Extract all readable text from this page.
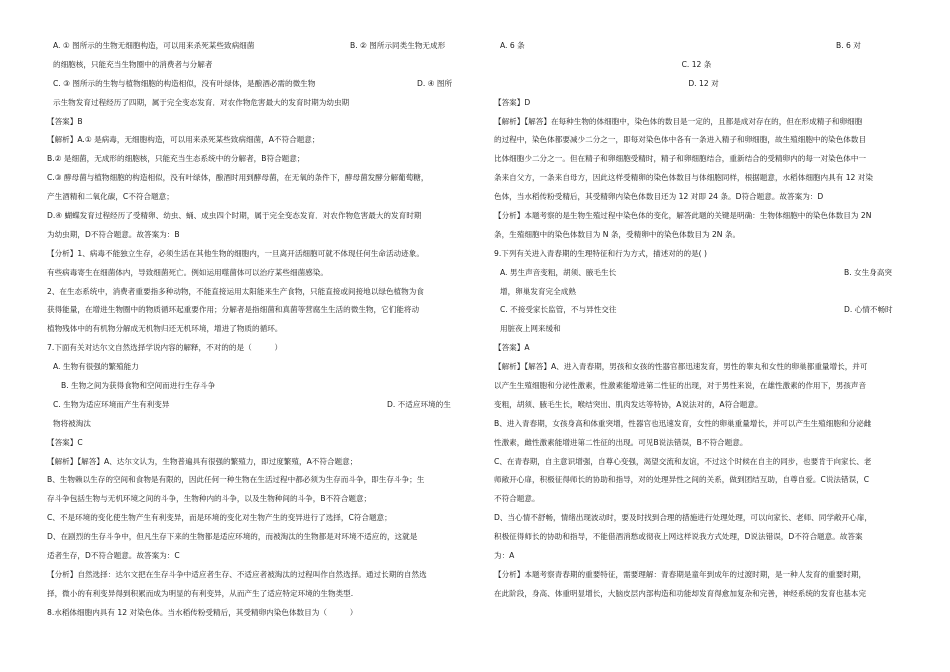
A. ① 图所示的生物无细胞构造，可以用来杀死某些致病细菌	B. ② 图所示同类生物无成形
的细胞核，只能充当生物圈中的消费者与分解者
C. ③ 图所示的生物与植物细胞的构造相似，没有叶绿体，是酿酒必需的微生物	D. ④ 图所
示生物发育过程经历了四期，属于完全变态发育．对农作物危害最大的发育时期为幼虫期
【答案】B
【解析】A.① 是病毒，无细胞构造，可以用来杀死某些致病细菌，A不符合题意；
B.② 是细菌，无成形的细胞核，只能充当生态系统中的分解者，B符合题意；
C.③ 酵母菌与植物细胞的构造相似，没有叶绿体，酿酒时用到酵母菌，在无氧的条件下，酵母菌发酵分解葡萄糖，
产生酒精和二氧化碳，C不符合题意；
D.④ 蝴蝶发育过程经历了受精卵、幼虫、蛹、成虫四个时期，属于完全变态发育．对农作物危害最大的发育时期
为幼虫期，D不符合题意。故答案为：B
【分析】1、病毒不能独立生存，必须生活在其他生物的细胞内，一旦离开活细胞可就不体现任何生命活动迹象。
有些病毒寄生在细菌体内，导致细菌死亡。例如运用噬菌体可以治疗某些细菌感染。
2、在生态系统中，消费者重要指多种动物，不能直接运用太阳能来生产食物，只能直接或间接地以绿色植物为食
获得能量，在增进生物圈中的物质循环起重要作用；分解者是指细菌和真菌等营腐生生活的微生物，它们能将动
植物残体中的有机物分解成无机物归还无机环境，增进了物质的循环。
7.下面有关对达尔文自然选择学说内容的解释，不对的的是（　　　）
A. 生物有很强的繁殖能力
B. 生物之间为获得食物和空间而进行生存斗争
C. 生物为适应环境而产生有利变异	D. 不适应环境的生
物将被淘汰
【答案】C
【解析】【解答】A、达尔文认为，生物普遍具有很强的繁殖力，即过度繁殖，A不符合题意；
B、生物赖以生存的空间和食物是有限的，因此任何一种生物在生活过程中都必须为生存而斗争，即生存斗争；生
存斗争包括生物与无机环境之间的斗争，生物种内的斗争，以及生物种间的斗争，B不符合题意；
C、不是环境的变化使生物产生有利变异，而是环境的变化对生物产生的变异进行了选择，C符合题意；
D、在剧烈的生存斗争中，但凡生存下来的生物都是适应环境的，而被淘汰的生物都是对环境不适应的，这就是
适者生存，D不符合题意。故答案为：C
【分析】自然选择：达尔文把在生存斗争中适应者生存、不适应者被淘汰的过程叫作自然选择。通过长期的自然选
择，微小的有利变异得到积累而成为明显的有利变异，从而产生了适应特定环境的生物类型.
8.水稻体细胞内具有 12 对染色体。当水稻传粉受精后，其受精卵内染色体数目为（　　　）
A. 6 条	B. 6 对
C. 12 条
D. 12 对
【答案】D
【解析】【解答】在每种生物的体细胞中，染色体的数目是一定的，且都是成对存在的，但在形成精子和卵细胞
的过程中，染色体都要减少二分之一，即每对染色体中各有一条进入精子和卵细胞，故生殖细胞中的染色体数目
比体细胞少二分之一。但在精子和卵细胞受精时，精子和卵细胞结合，重新结合的受精卵内的每一对染色体中一
条来自父方，一条来自母方，因此这样受精卵的染色体数目与体细胞同样，根据题意，水稻体细胞内具有 12 对染
色体，当水稻传粉受精后，其受精卵内染色体数目还为 12 对即 24 条。D符合题意。故答案为：D
【分析】本题考察的是生物生殖过程中染色体的变化，解答此题的关键是明确：生物体细胞中的染色体数目为 2N
条，生殖细胞中的染色体数目为 N 条，受精卵中的染色体数目为 2N 条。
9.下列有关进入青春期的生理特征和行为方式，描述对的的是( )
A. 男生声音变粗，胡须、腋毛生长	B. 女生身高突
增，卵巢发育完全成熟
C. 不接受家长监管，不与异性交往	D. 心情不畅时
用脏夜上网来缓和
【答案】A
【解析】【解答】A、进入青春期，男孩和女孩的性器官都迅速发育，男性的睾丸和女性的卵巢都重量增长，并可
以产生生殖细胞和分泌性激素，性激素能增进第二性征的出现，对于男性来说，在雄性激素的作用下，男孩声音
变粗，胡须、腋毛生长，喉结突出、肌肉发达等特协，A说法对的，A符合题意。
B、进入青春期，女孩身高和体重突增，性器官也迅速发育，女性的卵巢重量增长，并可以产生生殖细胞和分泌雌
性激素，雌性激素能增进第二性征的出现。可见B说法错误，B不符合题意。
C、在青春期，自主意识增强，自尊心变强，渴望交流和友谊，不过这个时候在自主的同步，也要肯于向家长、老
师敞开心扉，积极征得师长的协助和指导，对的处理异性之间的关系，做到团结互助，自尊自爱。C说法错误，C
不符合题意。
D、当心情不舒畅，情绪出现波动时，要及时找到合理的措施进行处理处理，可以向家长、老师、同学敞开心扉，
积极征得师长的协助和指导，不能借酒消愁或彻夜上网这样说我方式处理，D说法错误，D不符合题意。故答案
为：A
【分析】本题考察青春期的重要特征，需要理解：青春期是童年到成年的过渡时期，是一种人发育的重要时期，
在此阶段，身高、体重明显增长，大脑皮层内部构造和功能却发育得愈加复杂和完善，神经系统的发育也基本完
